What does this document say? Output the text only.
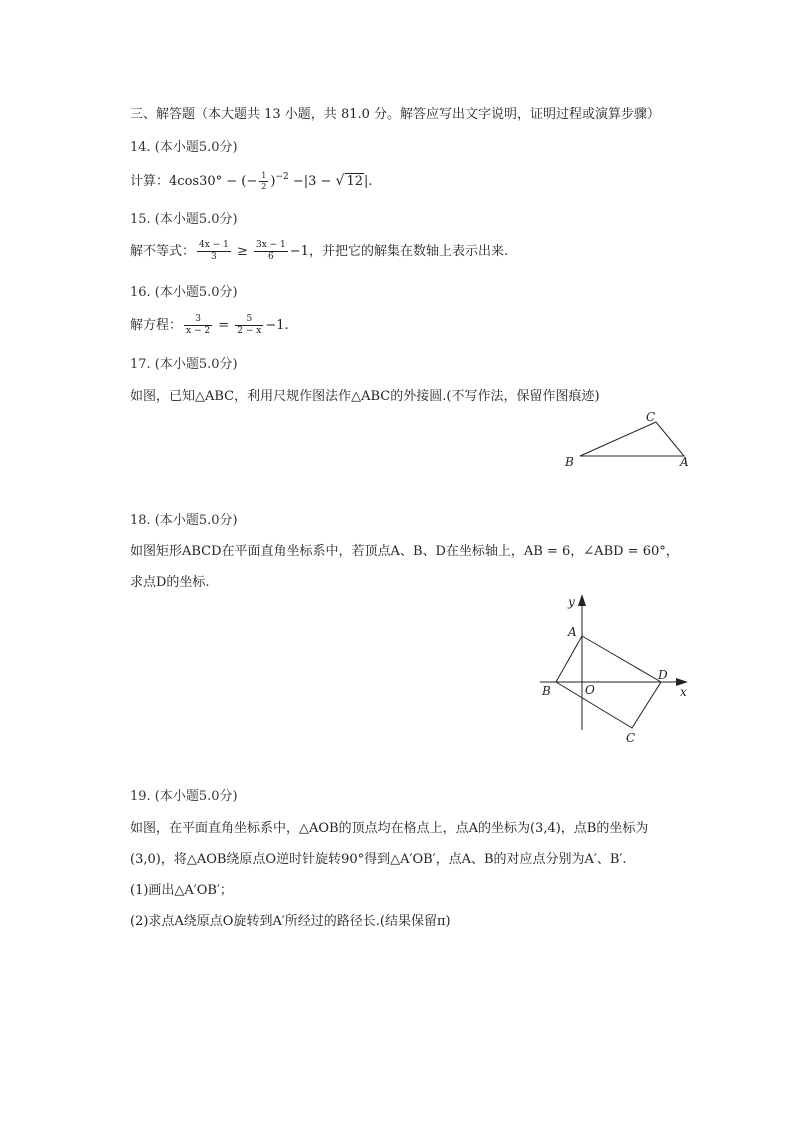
三、解答题（本大题共 13 小题，共 81.0 分。解答应写出文字说明，证明过程或演算步骤）
14. (本小题5.0分)
计算：4cos30° − (− $\frac{1}{2} )^{-2} -|3$ − √ 12|.
15. (本小题5.0分)
解不等式： $\frac{4x - 1}{3} \ge \frac{3x - 1}{6} -1$，并把它的解集在数轴上表示出来.
16. (本小题5.0分)
解方程： $\frac{3}{x - 2} = \frac{5}{2 - x} -1$.
17. (本小题5.0分)
如图，已知△ABC，利用尺规作图法作△ABC的外接圆.(不写作法，保留作图痕迹)
C
B	A
18. (本小题5.0分)
如图矩形ABCD在平面直角坐标系中，若顶点A、B、D在坐标轴上，AB = 6，∠ABD = 60°，
求点D的坐标.
y
x
A
B	O
D
C
19. (本小题5.0分)
如图，在平面直角坐标系中，△AOB的顶点均在格点上，点A的坐标为(3,4)，点B的坐标为
(3,0)，将△AOB绕原点O逆时针旋转90°得到△A′OB′，点A、B的对应点分别为A′、B′.
(1)画出△A′OB′；
(2)求点A绕原点O旋转到A′所经过的路径长.(结果保留π)
